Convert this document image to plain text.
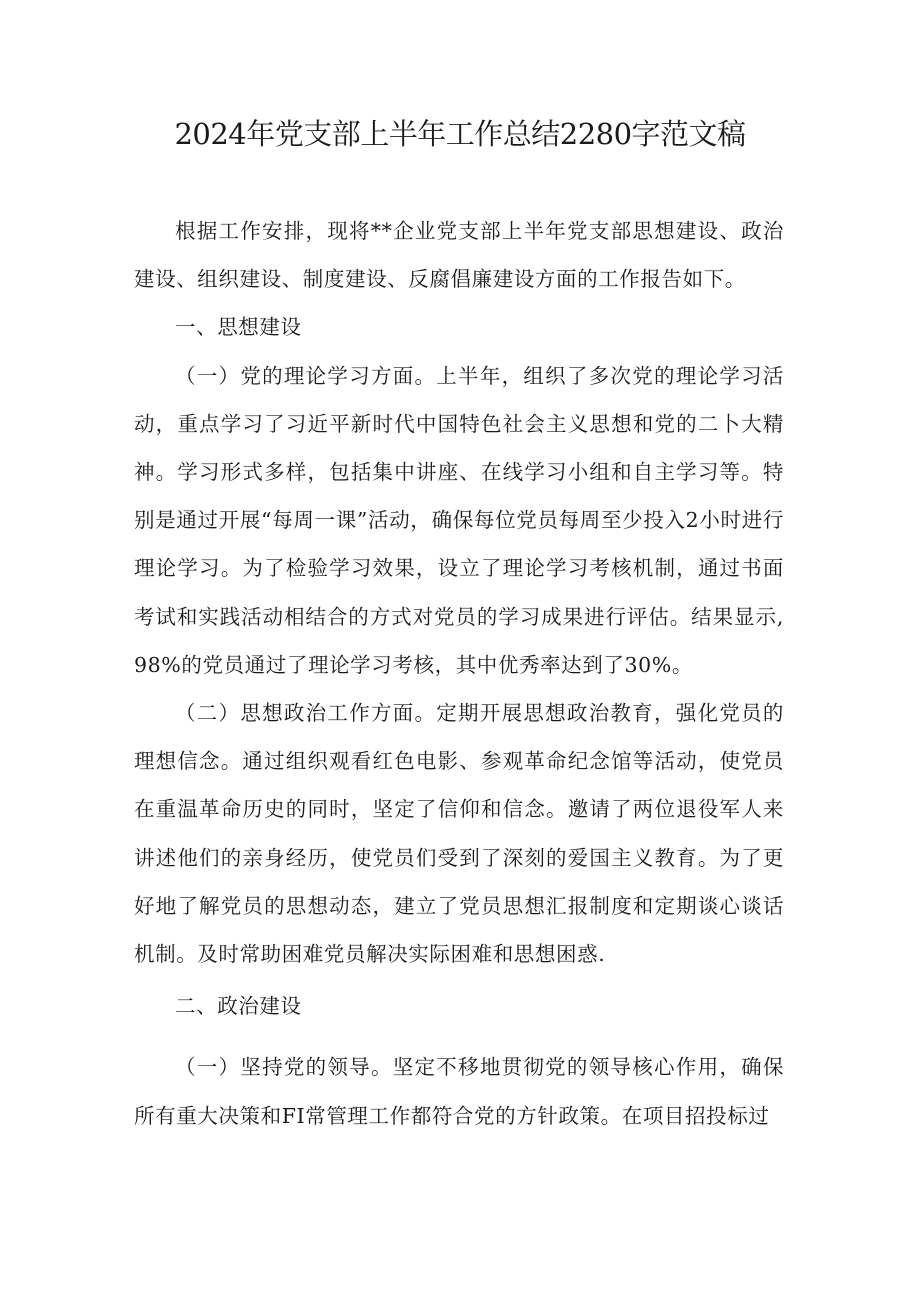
2024年党支部上半年工作总结2280字范文稿

根据工作安排，现将**企业党支部上半年党支部思想建设、政治建设、组织建设、制度建设、反腐倡廉建设方面的工作报告如下。

一、思想建设

（一）党的理论学习方面。上半年，组织了多次党的理论学习活动，重点学习了习近平新时代中国特色社会主义思想和党的二卜大精神。学习形式多样，包括集中讲座、在线学习小组和自主学习等。特别是通过开展“每周一课”活动，确保每位党员每周至少投入2小时进行理论学习。为了检验学习效果，设立了理论学习考核机制，通过书面考试和实践活动相结合的方式对党员的学习成果进行评估。结果显示, 98%的党员通过了理论学习考核，其中优秀率达到了30%。

（二）思想政治工作方面。定期开展思想政治教育，强化党员的理想信念。通过组织观看红色电影、参观革命纪念馆等活动，使党员在重温革命历史的同时，坚定了信仰和信念。邀请了两位退役军人来讲述他们的亲身经历，使党员们受到了深刻的爱国主义教育。为了更好地了解党员的思想动态，建立了党员思想汇报制度和定期谈心谈话机制。及时常助困难党员解决实际困难和思想困惑.

二、政治建设

（一）坚持党的领导。坚定不移地贯彻党的领导核心作用，确保所有重大决策和FI常管理工作都符合党的方针政策。在项目招投标过
